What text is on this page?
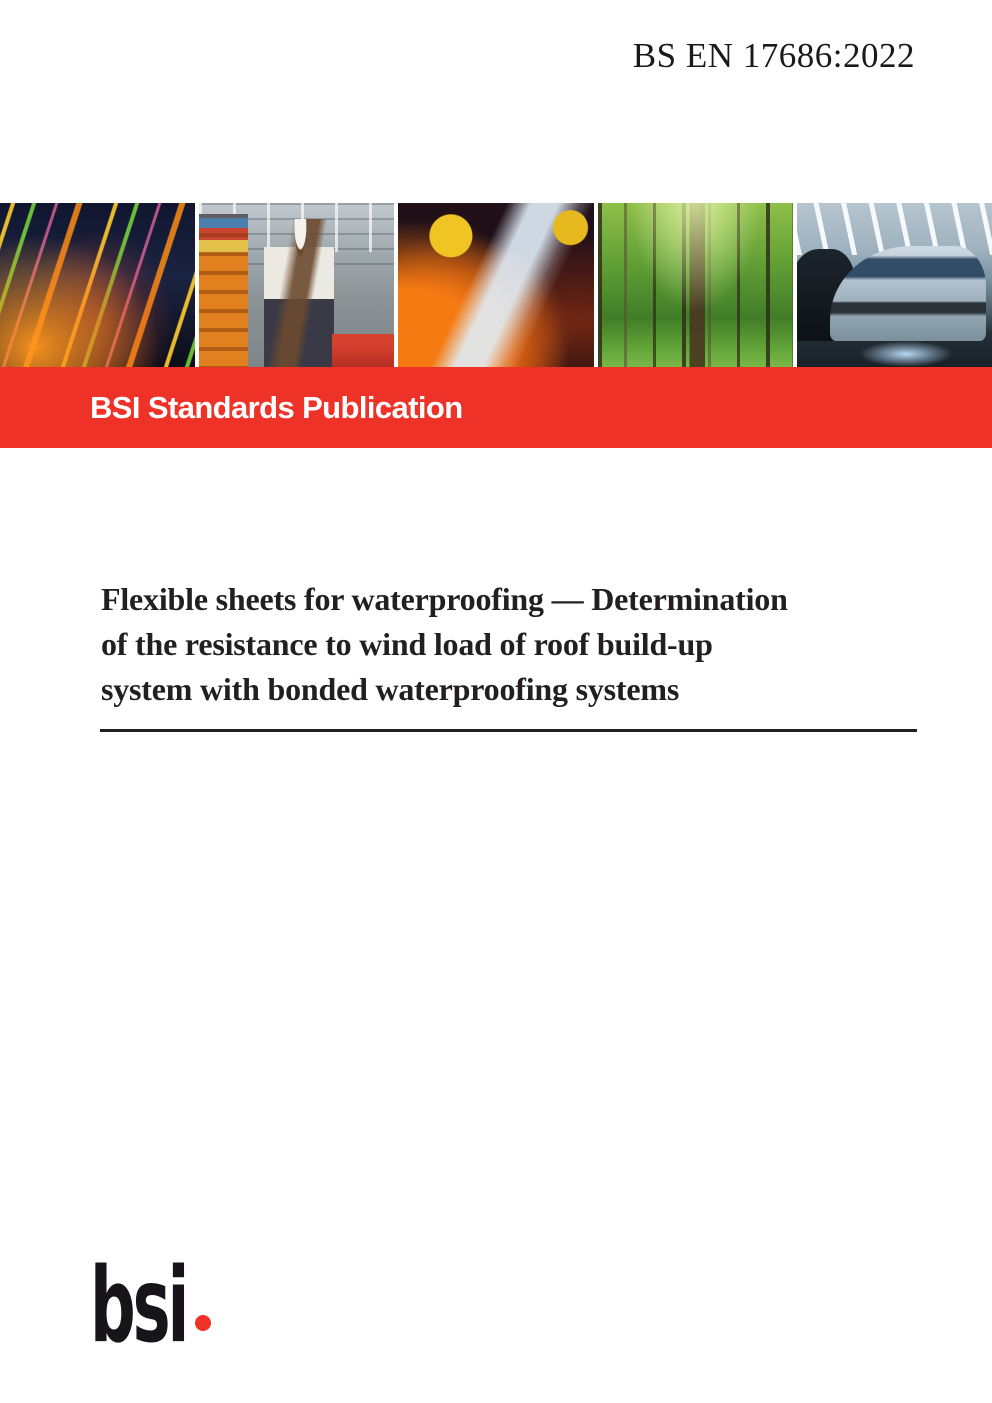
BS EN 17686:2022
BSI Standards Publication
Flexible sheets for waterproofing — Determination
of the resistance to wind load of roof build-up
system with bonded waterproofing systems
bsi
